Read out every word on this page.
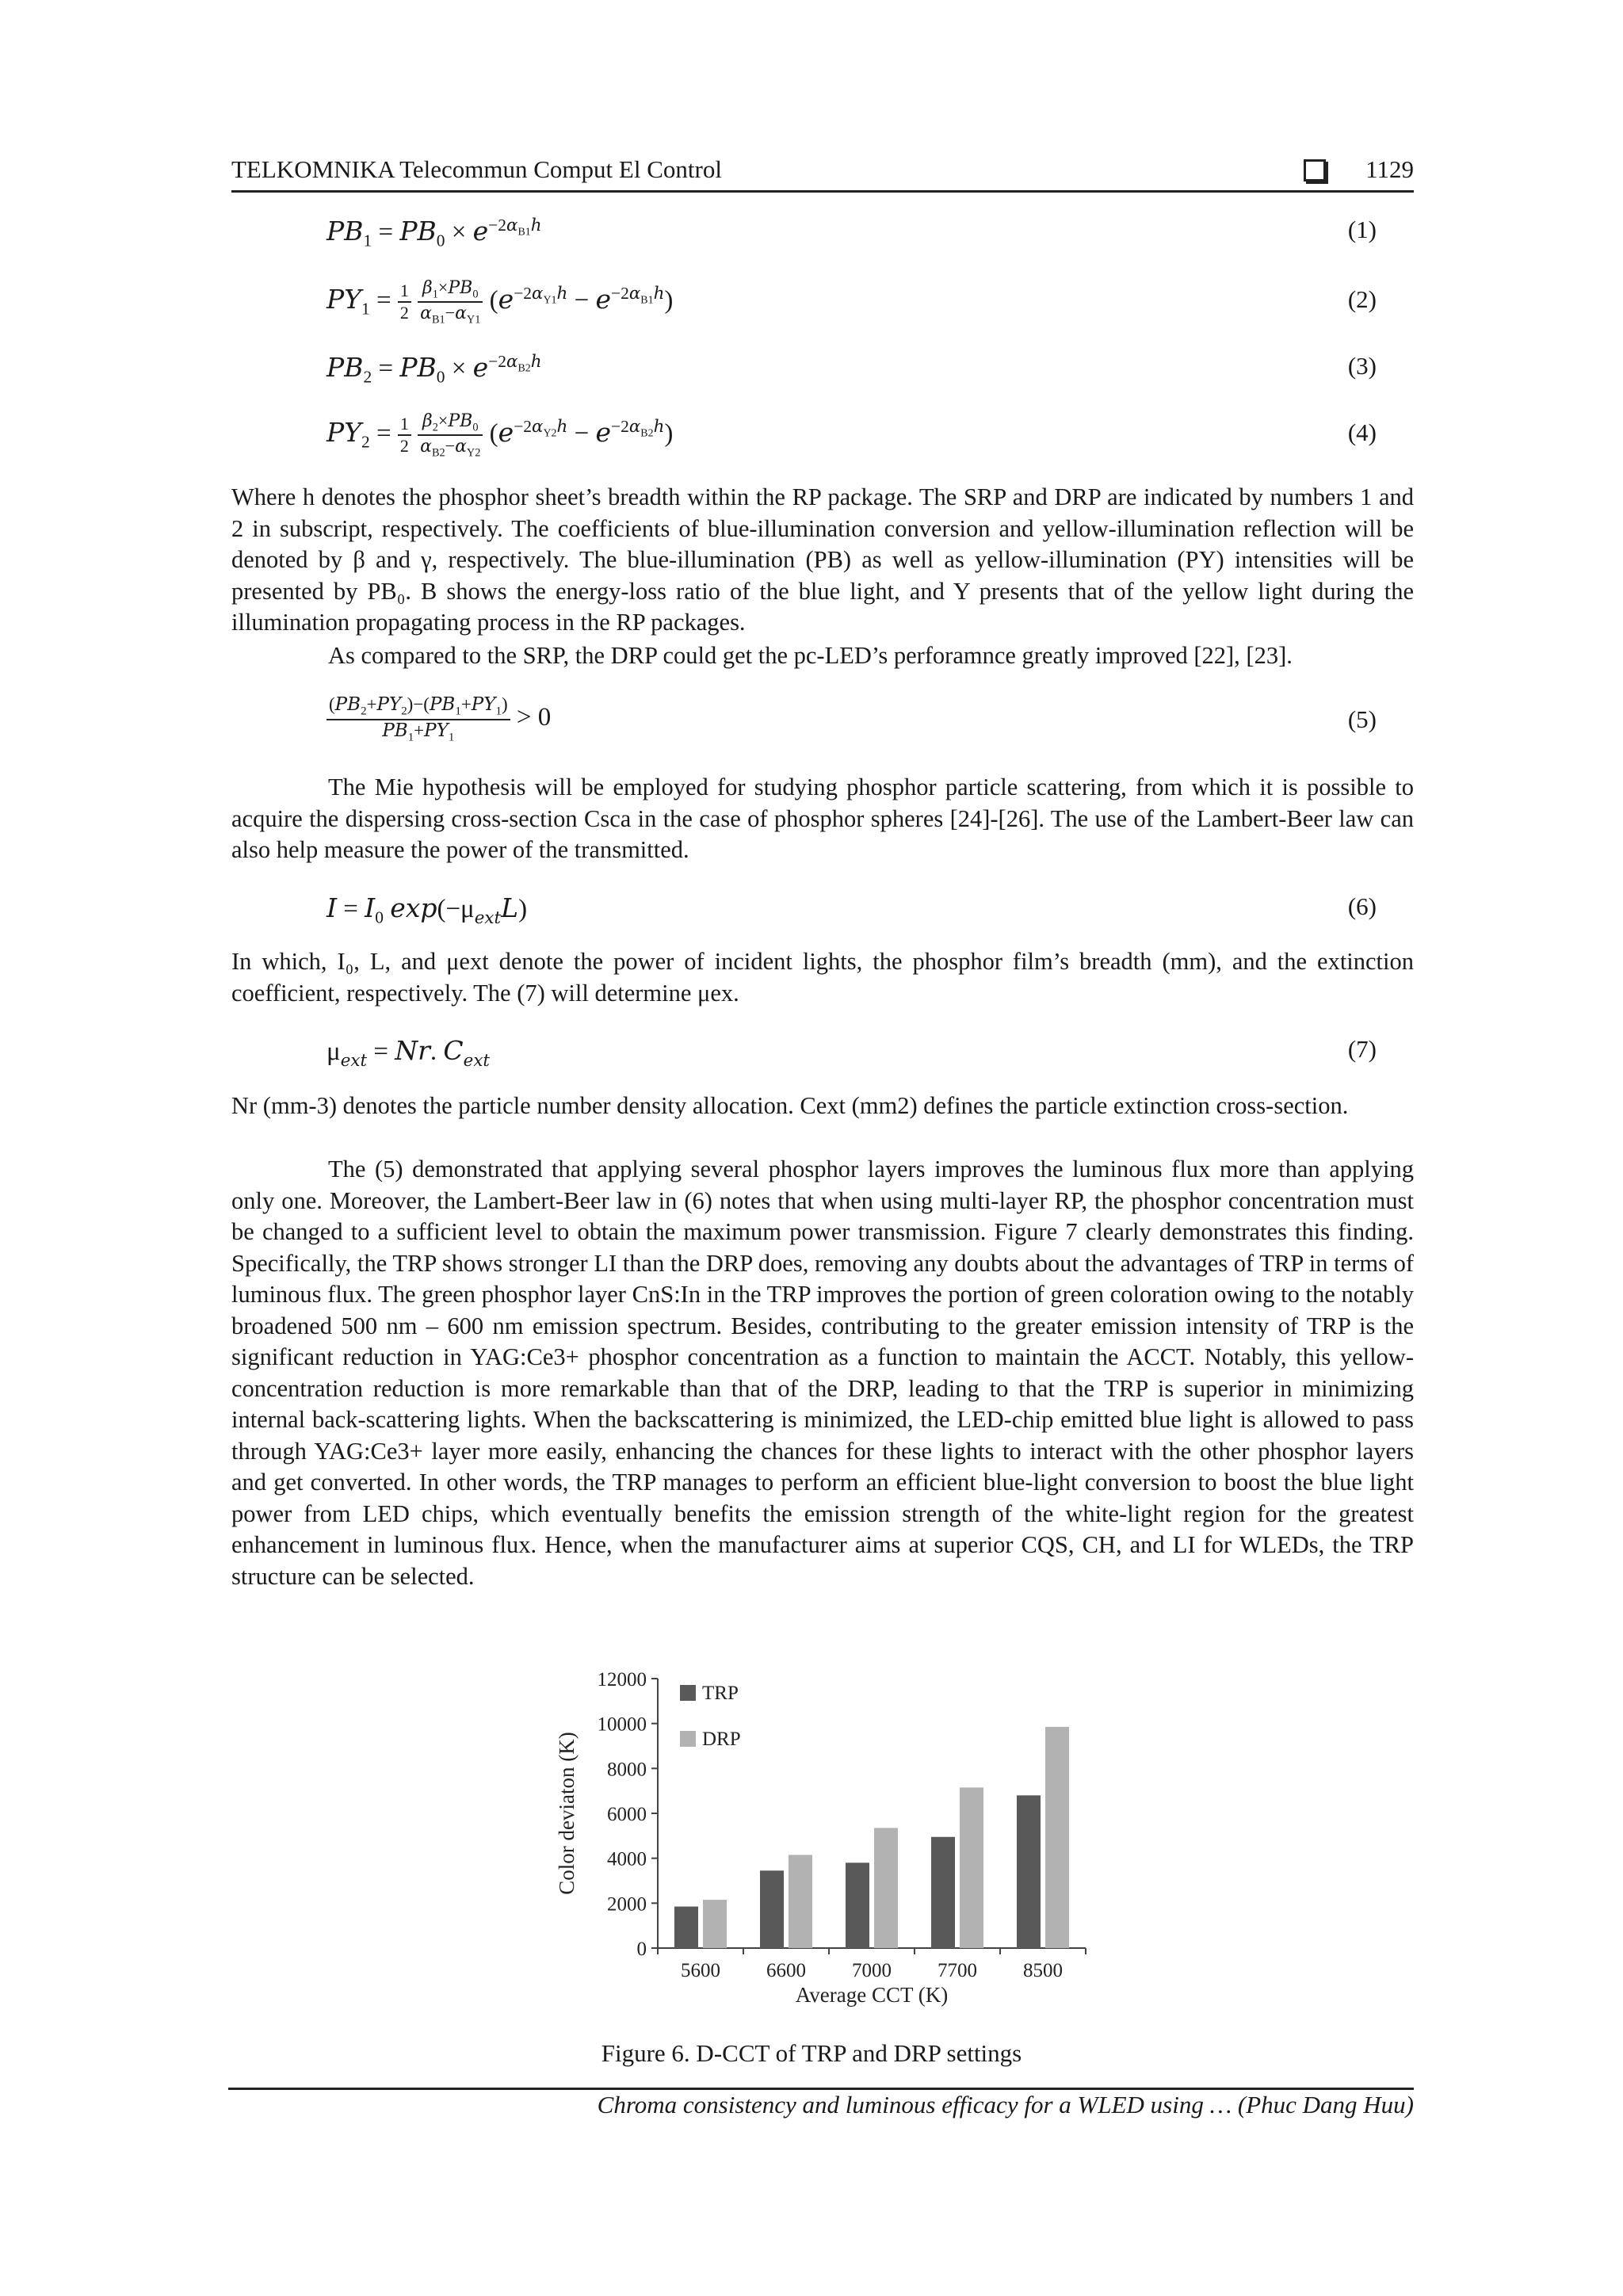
TELKOMNIKA Telecommun Comput El Control	1129
$PB_1 = PB_0 \times e^{-2\alpha_{B1}h}$	(1)
$PY_1 = \frac{1}{2}$
$\frac{\beta_1\times PB_0}{\alpha_{B1}-\alpha_{Y1}} (e^{-2\alpha_{Y1}h} - e^{-2\alpha_{B1}h})$	(2)
$PB_2 = PB_0 \times e^{-2\alpha_{B2}h}$	(3)
$PY_2 = \frac{1}{2}$
$\frac{\beta_2\times PB_0}{\alpha_{B2}-\alpha_{Y2}} (e^{-2\alpha_{Y2}h} - e^{-2\alpha_{B2}h})$	(4)

Where h denotes the phosphor sheet’s breadth within the RP package. The SRP and DRP are indicated by numbers 1 and 2 in subscript, respectively. The coefficients of blue-illumination conversion and yellow-illumination reflection will be denoted by β and γ, respectively. The blue-illumination (PB) as well as yellow-illumination (PY) intensities will be presented by PB₀. B shows the energy-loss ratio of the blue light, and Y presents that of the yellow light during the illumination propagating process in the RP packages.

As compared to the SRP, the DRP could get the pc-LED’s perforamnce greatly improved [22], [23].

$\frac{(PB_2+PY_2)-(PB_1+PY_1)}{PB_1+PY_1} > 0$	(5)

The Mie hypothesis will be employed for studying phosphor particle scattering, from which it is possible to acquire the dispersing cross-section Csca in the case of phosphor spheres [24]-[26]. The use of the Lambert-Beer law can also help measure the power of the transmitted.

$I = I_0$ $\exp(-\mu_{ext}L)$	(6)

In which, I₀, L, and μext denote the power of incident lights, the phosphor film’s breadth (mm), and the extinction coefficient, respectively. The (7) will determine μex.

$\mu_{ext} = Nr$. $C_{ext}$	(7)

Nr (mm-3) denotes the particle number density allocation. Cext (mm2) defines the particle extinction cross-section.

The (5) demonstrated that applying several phosphor layers improves the luminous flux more than applying only one. Moreover, the Lambert-Beer law in (6) notes that when using multi-layer RP, the phosphor concentration must be changed to a sufficient level to obtain the maximum power transmission. Figure 7 clearly demonstrates this finding. Specifically, the TRP shows stronger LI than the DRP does, removing any doubts about the advantages of TRP in terms of luminous flux. The green phosphor layer CnS:In in the TRP improves the portion of green coloration owing to the notably broadened 500 nm – 600 nm emission spectrum. Besides, contributing to the greater emission intensity of TRP is the significant reduction in YAG:Ce3+ phosphor concentration as a function to maintain the ACCT. Notably, this yellow-concentration reduction is more remarkable than that of the DRP, leading to that the TRP is superior in minimizing internal back-scattering lights. When the backscattering is minimized, the LED-chip emitted blue light is allowed to pass through YAG:Ce3+ layer more easily, enhancing the chances for these lights to interact with the other phosphor layers and get converted. In other words, the TRP manages to perform an efficient blue-light conversion to boost the blue light power from LED chips, which eventually benefits the emission strength of the white-light region for the greatest enhancement in luminous flux. Hence, when the manufacturer aims at superior CQS, CH, and LI for WLEDs, the TRP structure can be selected.

0
2000
4000
6000
8000
10000
12000
5600 6600 7000 7700 8500
Average CCT (K)
Color deviaton (K)
TRP
DRP
Figure 6. D-CCT of TRP and DRP settings
Chroma consistency and luminous efficacy for a WLED using … (Phuc Dang Huu)
